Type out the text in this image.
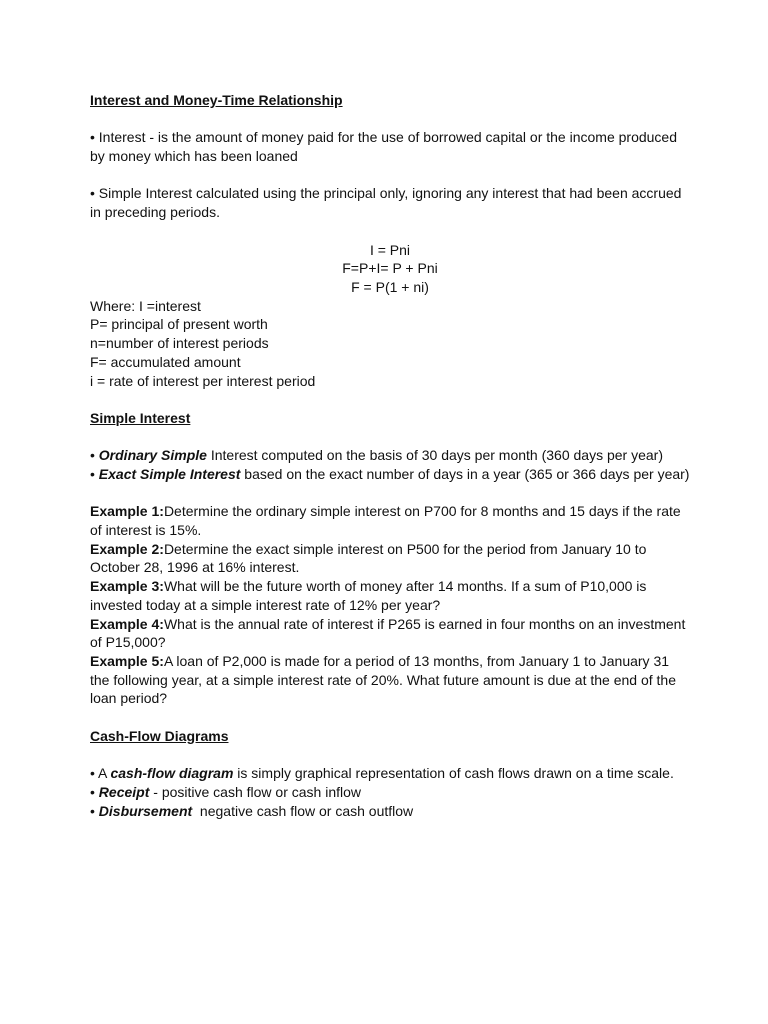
Interest and Money-Time Relationship

• Interest - is the amount of money paid for the use of borrowed capital or the income produced by money which has been loaned

• Simple Interest calculated using the principal only, ignoring any interest that had been accrued in preceding periods.

I = Pni

F=P+I= P + Pni

F = P(1 + ni)

Where: I =interest

P= principal of present worth

n=number of interest periods

F= accumulated amount

i = rate of interest per interest period

Simple Interest

• Ordinary Simple Interest computed on the basis of 30 days per month (360 days per year)

• Exact Simple Interest based on the exact number of days in a year (365 or 366 days per year)

Example 1:Determine the ordinary simple interest on P700 for 8 months and 15 days if the rate of interest is 15%.

Example 2:Determine the exact simple interest on P500 for the period from January 10 to October 28, 1996 at 16% interest.

Example 3:What will be the future worth of money after 14 months. If a sum of P10,000 is invested today at a simple interest rate of 12% per year?

Example 4:What is the annual rate of interest if P265 is earned in four months on an investment of P15,000?

Example 5:A loan of P2,000 is made for a period of 13 months, from January 1 to January 31 the following year, at a simple interest rate of 20%. What future amount is due at the end of the loan period?

Cash-Flow Diagrams

• A cash-flow diagram is simply graphical representation of cash flows drawn on a time scale.

• Receipt - positive cash flow or cash inflow

• Disbursement  negative cash flow or cash outflow
